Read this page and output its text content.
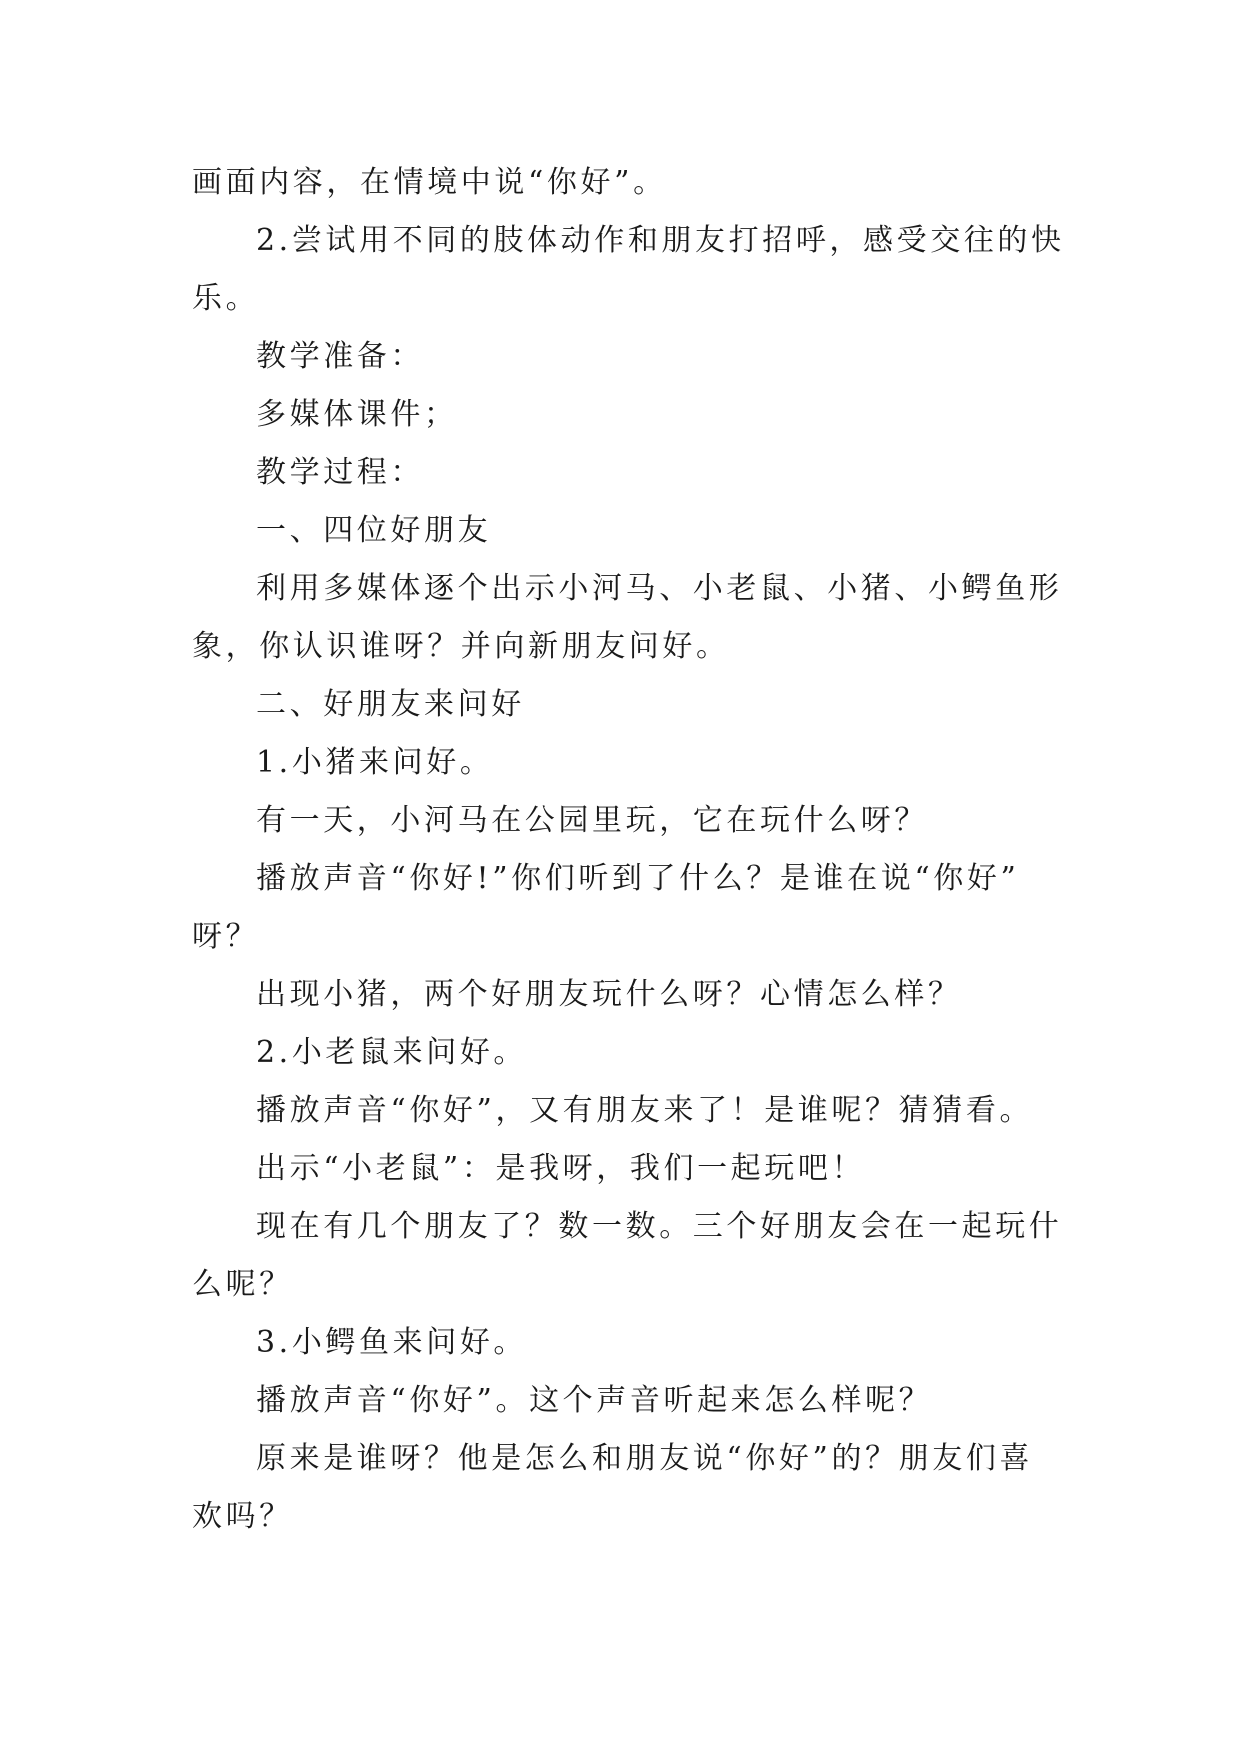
画面内容，在情境中说“你好”。
2.尝试用不同的肢体动作和朋友打招呼，感受交往的快
乐。
教学准备：
多媒体课件；
教学过程：
一、四位好朋友
利用多媒体逐个出示小河马、小老鼠、小猪、小鳄鱼形
象，你认识谁呀？并向新朋友问好。
二、好朋友来问好
1.小猪来问好。
有一天，小河马在公园里玩，它在玩什么呀？
播放声音“你好!”你们听到了什么？是谁在说“你好”
呀？
出现小猪，两个好朋友玩什么呀？心情怎么样？
2.小老鼠来问好。
播放声音“你好”，又有朋友来了！是谁呢？猜猜看。
出示“小老鼠”：是我呀，我们一起玩吧！
现在有几个朋友了？数一数。三个好朋友会在一起玩什
么呢？
3.小鳄鱼来问好。
播放声音“你好”。这个声音听起来怎么样呢？
原来是谁呀？他是怎么和朋友说“你好”的？朋友们喜
欢吗？
